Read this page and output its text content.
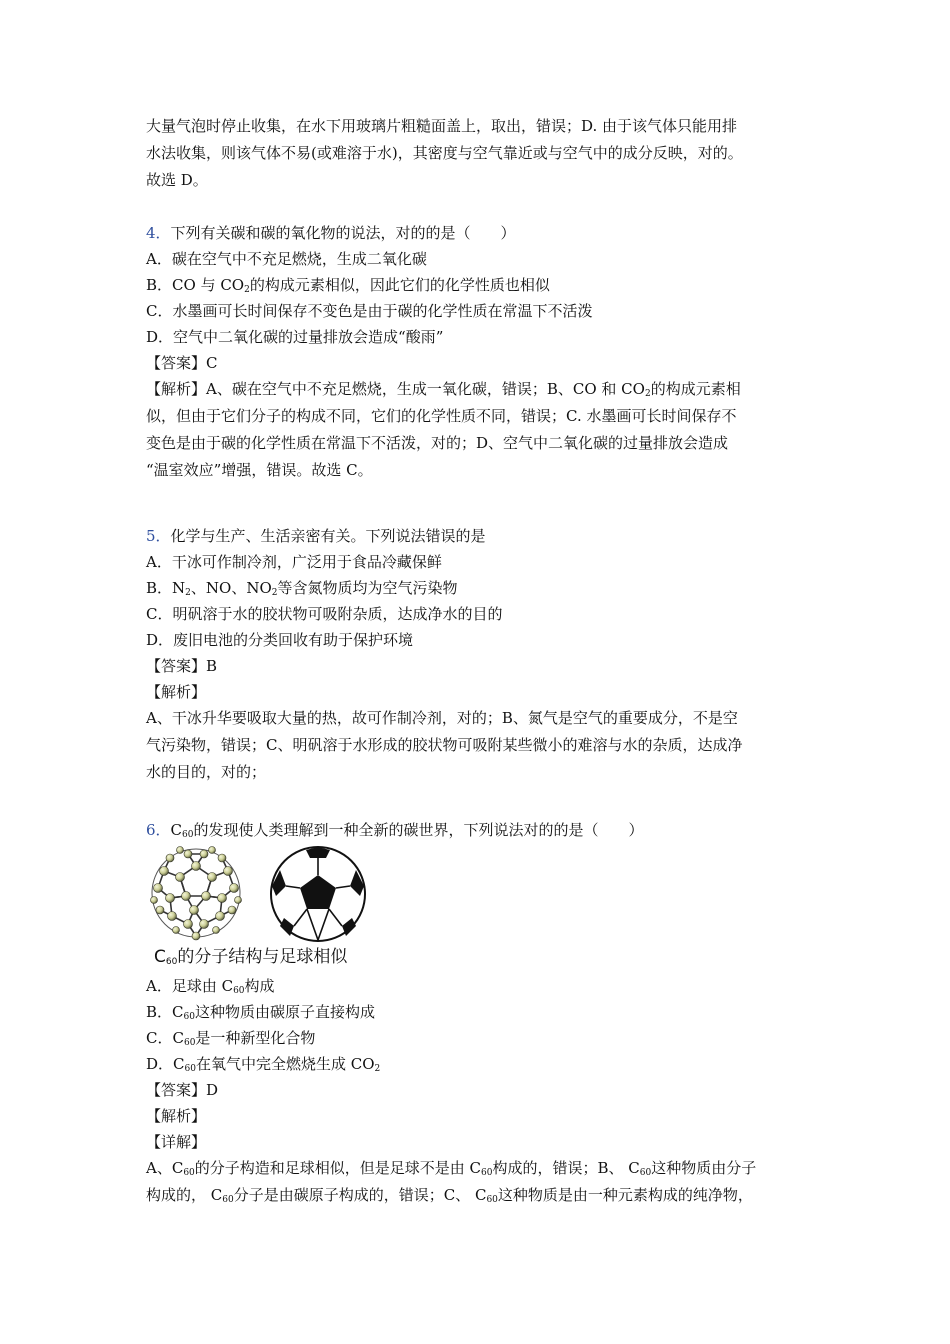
大量气泡时停止收集，在水下用玻璃片粗糙面盖上，取出，错误；D. 由于该气体只能用排
水法收集，则该气体不易(或难溶于水)，其密度与空气靠近或与空气中的成分反映，对的。
故选 D。
4．下列有关碳和碳的氧化物的说法，对的的是（　　）
A．碳在空气中不充足燃烧，生成二氧化碳
B．CO 与 $CO_2$的构成元素相似，因此它们的化学性质也相似
C．水墨画可长时间保存不变色是由于碳的化学性质在常温下不活泼
D．空气中二氧化碳的过量排放会造成“酸雨”
【答案】C
【解析】A、碳在空气中不充足燃烧，生成一氧化碳，错误；B、CO 和 $CO_2$的构成元素相
似，但由于它们分子的构成不同，它们的化学性质不同，错误；C. 水墨画可长时间保存不
变色是由于碳的化学性质在常温下不活泼，对的；D、空气中二氧化碳的过量排放会造成
“温室效应”增强，错误。故选 C。
5．化学与生产、生活亲密有关。下列说法错误的是
A．干冰可作制冷剂，广泛用于食品冷藏保鲜
B．$N_2$、NO、$NO_2$等含氮物质均为空气污染物
C．明矾溶于水的胶状物可吸附杂质，达成净水的目的
D．废旧电池的分类回收有助于保护环境
【答案】B
【解析】
A、干冰升华要吸取大量的热，故可作制冷剂，对的；B、氮气是空气的重要成分，不是空
气污染物，错误；C、明矾溶于水形成的胶状物可吸附某些微小的难溶与水的杂质，达成净
水的目的，对的；
6．$C_{60}$的发现使人类理解到一种全新的碳世界，下列说法对的的是（　　）
$C_{60}$的分子结构与足球相似
A．足球由 $C_{60}$构成
B．$C_{60}$这种物质由碳原子直接构成
C．$C_{60}$是一种新型化合物
D．$C_{60}$在氧气中完全燃烧生成 $CO_2$
【答案】D
【解析】
【详解】
A、$C_{60}$的分子构造和足球相似，但是足球不是由 $C_{60}$构成的，错误；B、 $C_{60}$这种物质由分子
构成的， $C_{60}$分子是由碳原子构成的，错误；C、 $C_{60}$这种物质是由一种元素构成的纯净物，
